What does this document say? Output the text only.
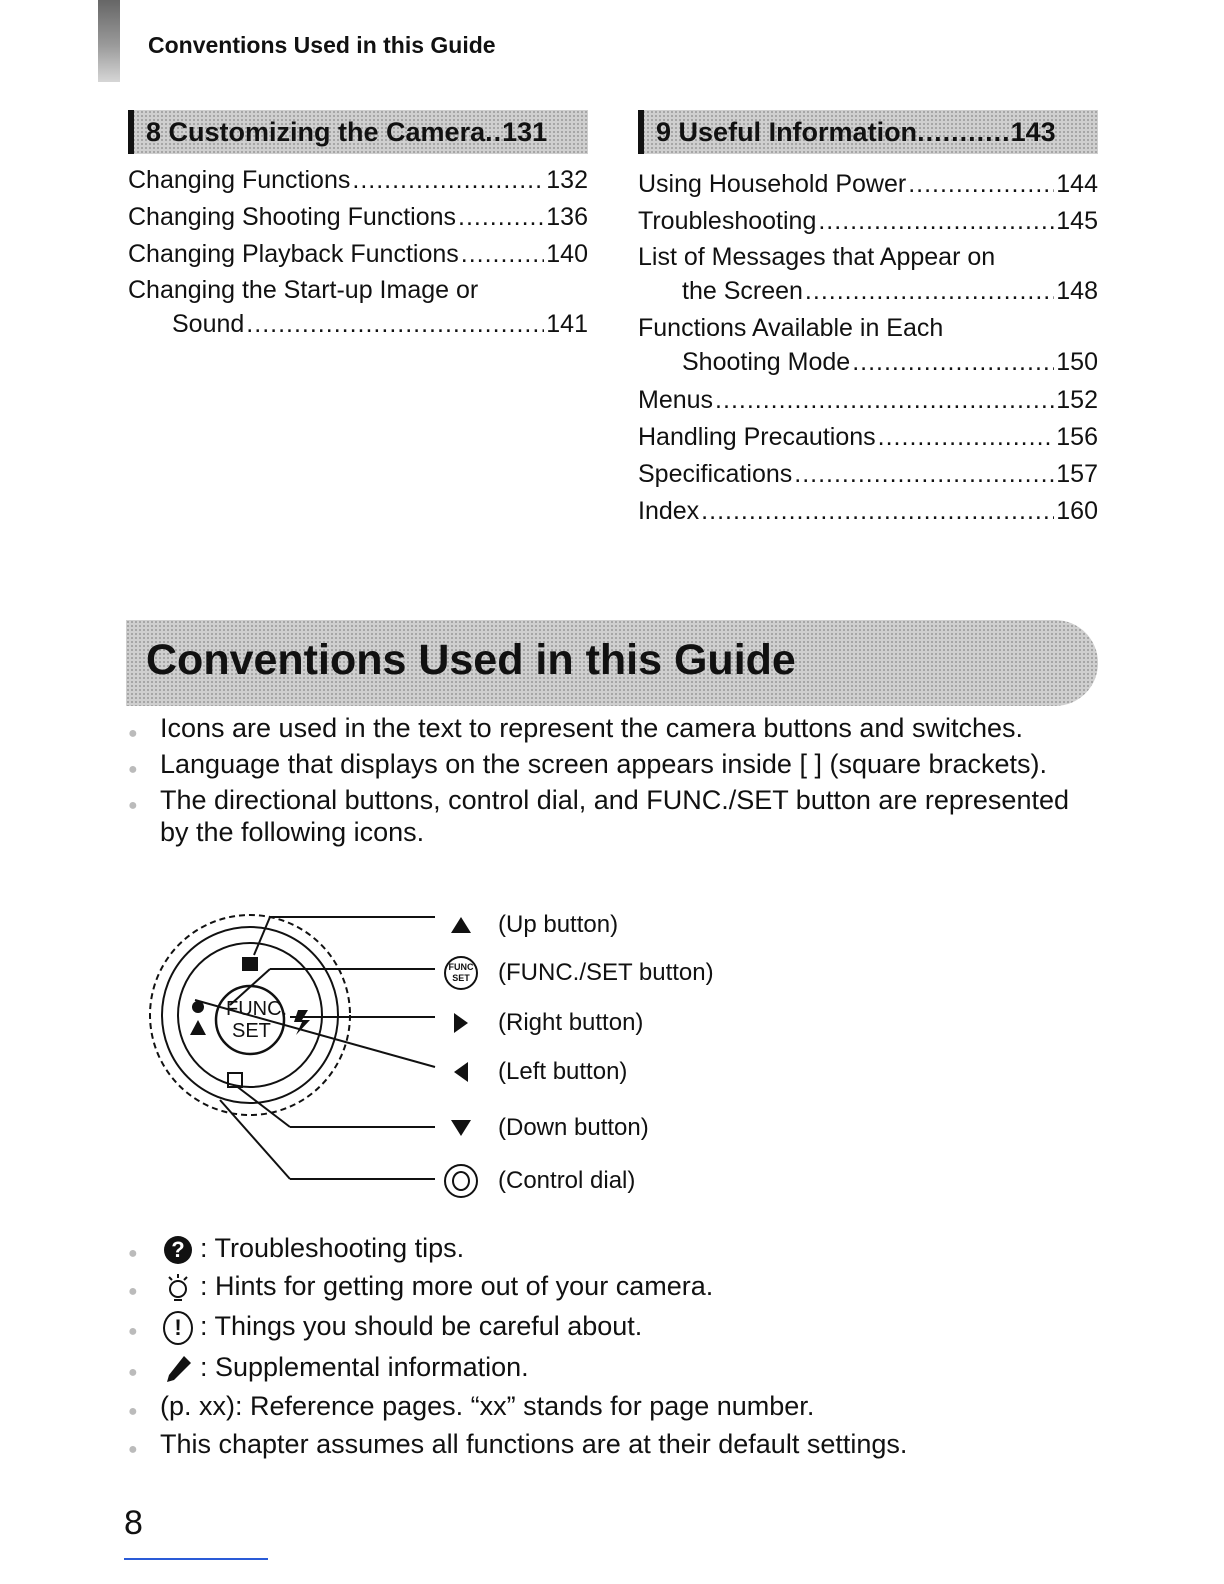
Conventions Used in this Guide
8 Customizing the Camera..131
Changing Functions .....	132
Changing Shooting Functions .....	136
Changing Playback Functions .....	140
Changing the Start-up Image or
Sound .....	141
9 Useful Information...........143
Using Household Power .....	144
Troubleshooting .....	145
List of Messages that Appear on
the Screen .....	148
Functions Available in Each
Shooting Mode .....	150
Menus .....	152
Handling Precautions .....	156
Specifications .....	157
Index .....	160
Conventions Used in this Guide
● Icons are used in the text to represent the camera buttons and switches.
● Language that displays on the screen appears inside [ ] (square brackets).
● The directional buttons, control dial, and FUNC./SET button are represented by the following icons.
FUNC.
SET
(Up button)
FUNC
SET (FUNC./SET button)
(Right button)
(Left button)
(Down button)
(Control dial)
●	? : Troubleshooting tips.
● : Hints for getting more out of your camera.
●	! : Things you should be careful about.
● : Supplemental information.
● (p. xx): Reference pages. “xx” stands for page number.
● This chapter assumes all functions are at their default settings.
8
